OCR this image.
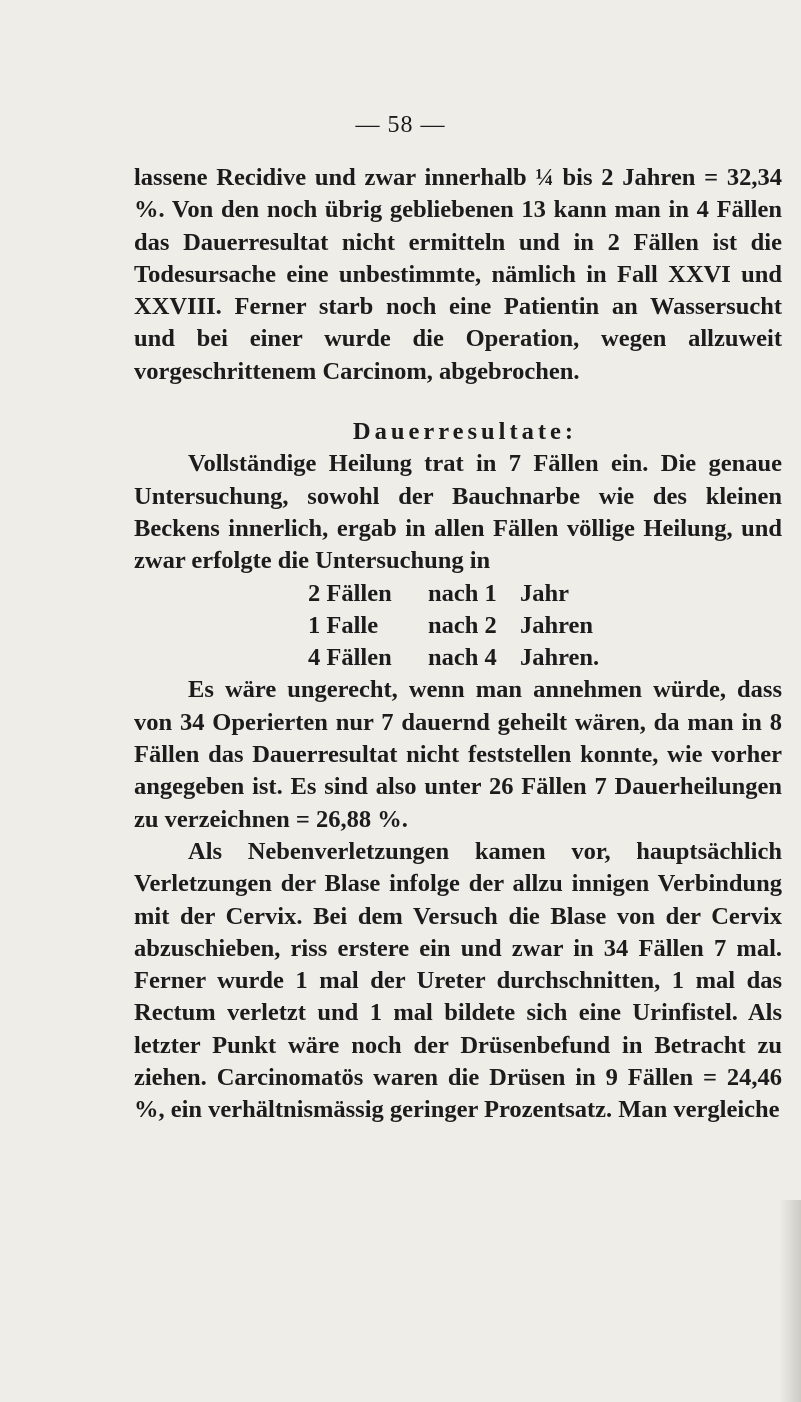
— 58 —

lassene Recidive und zwar innerhalb ¼ bis 2 Jahren = 32,34 %. Von den noch übrig gebliebenen 13 kann man in 4 Fällen das Dauerresultat nicht ermitteln und in 2 Fällen ist die Todesursache eine unbestimmte, nämlich in Fall XXVI und XXVIII. Ferner starb noch eine Patientin an Wassersucht und bei einer wurde die Operation, wegen allzuweit vorgeschrittenem Carcinom, abgebrochen.

Dauerresultate:

Vollständige Heilung trat in 7 Fällen ein. Die genaue Untersuchung, sowohl der Bauchnarbe wie des kleinen Beckens innerlich, ergab in allen Fällen völlige Heilung, und zwar erfolgte die Untersuchung in

2 Fällen	nach 1 Jahr
1 Falle	nach 2 Jahren
4 Fällen	nach 4 Jahren.

Es wäre ungerecht, wenn man annehmen würde, dass von 34 Operierten nur 7 dauernd geheilt wären, da man in 8 Fällen das Dauerresultat nicht feststellen konnte, wie vorher angegeben ist. Es sind also unter 26 Fällen 7 Dauerheilungen zu verzeichnen = 26,88 %.

Als Nebenverletzungen kamen vor, hauptsächlich Verletzungen der Blase infolge der allzu innigen Verbindung mit der Cervix. Bei dem Versuch die Blase von der Cervix abzuschieben, riss erstere ein und zwar in 34 Fällen 7 mal. Ferner wurde 1 mal der Ureter durchschnitten, 1 mal das Rectum verletzt und 1 mal bildete sich eine Urinfistel. Als letzter Punkt wäre noch der Drüsenbefund in Betracht zu ziehen. Carcinomatös waren die Drüsen in 9 Fällen = 24,46 %, ein verhältnismässig geringer Prozentsatz. Man vergleiche
